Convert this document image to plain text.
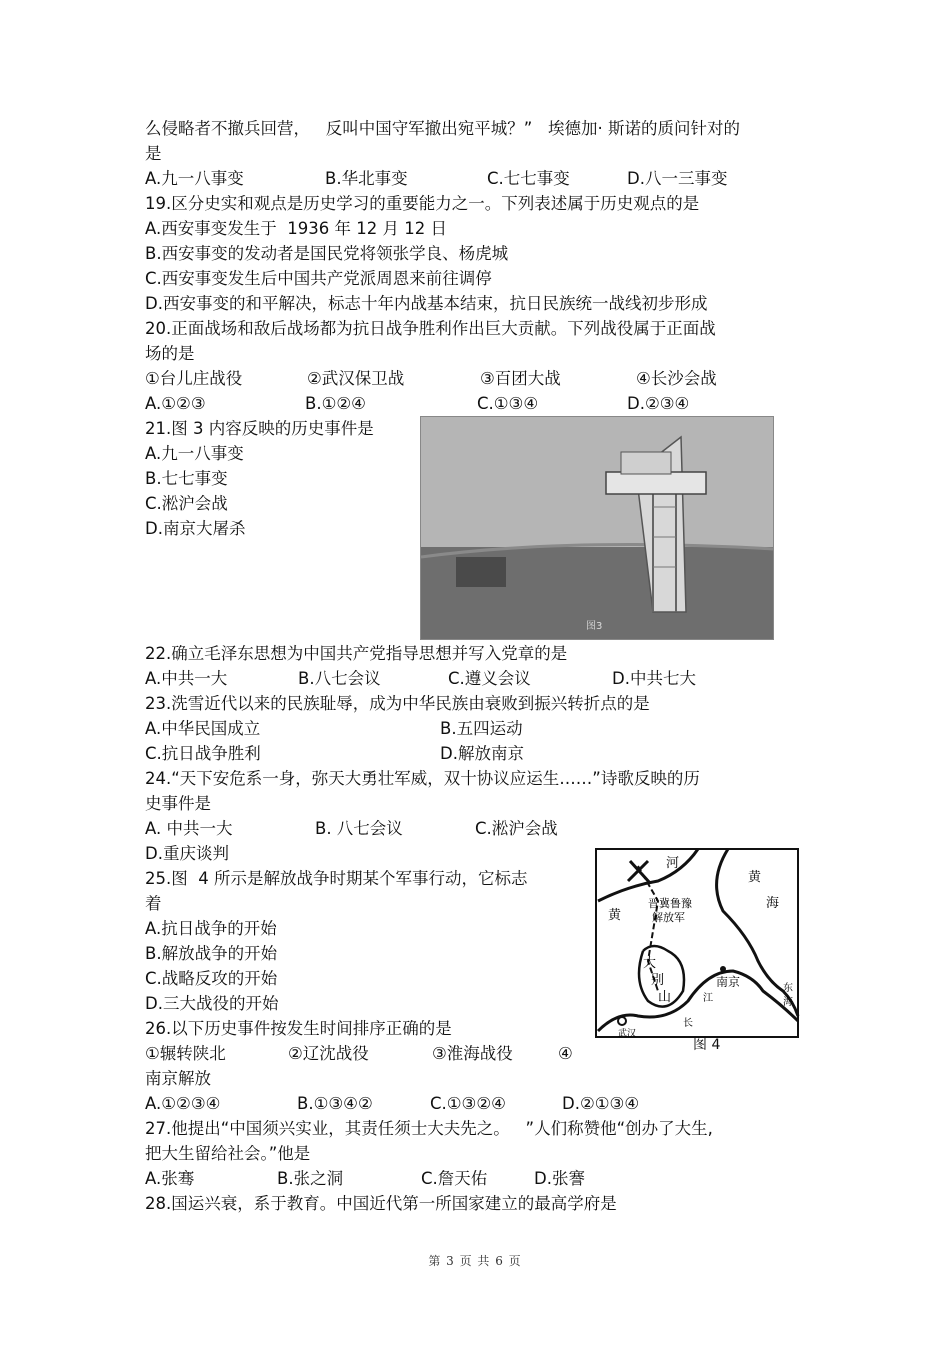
么侵略者不撤兵回营，   反叫中国守军撤出宛平城？”   埃德加· 斯诺的质问针对的
是
A.九一八事变	B.华北事变	C.七七事变	D.八一三事变
19.区分史实和观点是历史学习的重要能力之一。下列表述属于历史观点的是
A.西安事变发生于  1936 年 12 月 12 日
B.西安事变的发动者是国民党将领张学良、杨虎城
C.西安事变发生后中国共产党派周恩来前往调停
D.西安事变的和平解决，标志十年内战基本结束，抗日民族统一战线初步形成
20.正面战场和敌后战场都为抗日战争胜利作出巨大贡献。下列战役属于正面战
场的是
①台儿庄战役	②武汉保卫战	③百团大战	④长沙会战
A.①②③	B.①②④	C.①③④	D.②③④
21.图 3 内容反映的历史事件是
A.九一八事变
B.七七事变
C.淞沪会战
D.南京大屠杀
图3
22.确立毛泽东思想为中国共产党指导思想并写入党章的是
A.中共一大	B.八七会议	C.遵义会议	D.中共七大
23.洗雪近代以来的民族耻辱，成为中华民族由衰败到振兴转折点的是
A.中华民国成立	B.五四运动
C.抗日战争胜利	D.解放南京
24.“天下安危系一身，弥天大勇壮军威，双十协议应运生……”诗歌反映的历
史事件是
A. 中共一大	B. 八七会议	C.淞沪会战
D.重庆谈判
25.图  4 所示是解放战争时期某个军事行动，它标志
着
A.抗日战争的开始
B.解放战争的开始
C.战略反攻的开始
D.三大战役的开始
河
黄
黄
海
晋冀鲁豫
解放军
大
别
山
南京
江
东
海
武汉
长
图 4
26.以下历史事件按发生时间排序正确的是
①辗转陕北	②辽沈战役	③淮海战役	④
南京解放
A.①②③④	B.①③④②	C.①③②④	D.②①③④
27.他提出“中国须兴实业，其责任须士大夫先之。   ”人们称赞他“创办了大生,
把大生留给社会。”他是
A.张骞	B.张之洞	C.詹天佑	D.张謇
28.国运兴衰，系于教育。中国近代第一所国家建立的最高学府是
第 3 页 共 6 页
